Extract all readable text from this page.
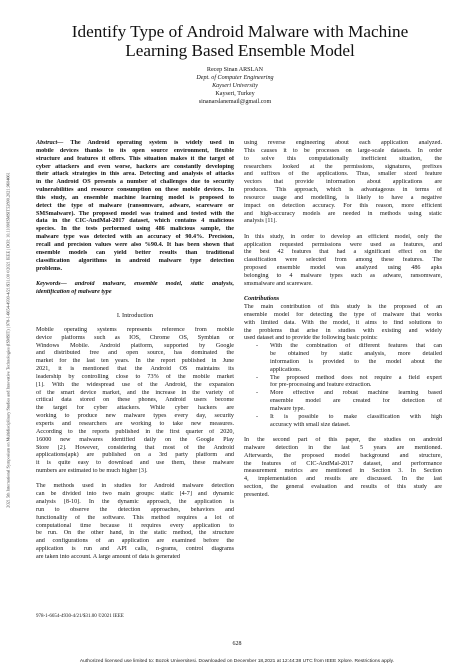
2021 5th International Symposium on Multidisciplinary Studies and Innovative Technologies (ISMSIT) | 978-1-6654-4930-4/21/$31.00 ©2021 IEEE | DOI: 10.1109/ISMSIT52890.2021.9604661
Identify Type of Android Malware with Machine
Learning Based Ensemble Model
Recep Sinan ARSLAN
Dept. of Computer Engineering
Kayseri University
Kayseri, Turkey
sinanarslanemail@gmail.com
Abstract— The Android operating system is widely used in
mobile devices thanks to its open source environment, flexible
structure and features it offers. This situation makes it the target of
cyber attackers and even worse, hackers are constantly developing
their attack strategies in this area. Detecting and analysis of attacks
in the Android OS presents a number of challenges due to security
vulnerabilities and resource consumption on these mobile devices. In
this study, an ensemble machine learning model is proposed to
detect the type of malware (ransomware, adware, scareware or
SMSmalware). The proposed model was trained and tested with the
data in the CIC-AndMal-2017 dataset, which contains 4 malicious
species. In the tests performed using 486 malicious sample, the
malware type was detected with an accuracy of 90.4%. Precision,
recall and precision values were also %90.4. It has been shown that
ensemble models can yield better results than traditional
classification algorithms in android malware type detection
problems.
Keywords— android malware, ensemble model, static analysis,
identification of malware type
I. Introduction
Mobile operating systems represents reference from mobile
device platforms such as IOS, Chrome OS, Symbian or
Windows Mobile. Android platform, supported by Google
and distributed free and open source, has dominated the
market for the last ten years. In the report published in June
2021, it is mentioned that the Android OS maintains its
leadership by controlling close to 73% of the mobile market
[1]. With the widespread use of the Android, the expansion
of the smart device market, and the increase in the variety of
critical data stored on these phones, Android users become
the target for cyber attackers. While cyber hackers are
working to produce new malware types every day, security
experts and researchers are working to take new measures.
According to the reports published in the first quarter of 2020,
16000 new malwares identified daily on the Google Play
Store [2]. However, considering that most of the Android
applications(apk) are published on a 3rd party platform and
it is quite easy to download and use them, these malware
numbers are estimated to be much higher [3].
The methods used in studies for Android malware detection
can be divided into two main groups: static [4-7] and dynamic
analysis [8-10]. In the dynamic approach, the application is
run to observe the detection approaches, behaviors and
functionality of the software. This method requires a lot of
computational time because it requires every application to
be run. On the other hand, in the static method, the structure
and configurations of an application are examined before the
application is run and API calls, n-grams, control diagrams
are taken into account. A large amount of data is generated
using reverse engineering about each application analyzed.
This causes it to be processes on large-scale datasets. In order
to solve this computationally inefficient situation, the
researchers looked at the permissions, signatures, prefixes
and suffixes of the applications. Thus, smaller sized feature
vectors that provide information about applications are
produces. This approach, which is advantageous in terms of
resource usage and modelling, is likely to have a negative
impact on detection accuracy. For this reason, more efficient
and high-accuracy models are needed in methods using static
analysis [11].
In this study, in order to develop an efficient model, only the
application requested permissions were used as features, and
the best 42 features that had a significant effect on the
classification were selected from among these features. The
proposed ensemble model was analyzed using 486 apks
belonging to 4 malware types such as adware, ransomware,
smsmalware and scareware.
Contributions
The main contribution of this study is the proposed of an
ensemble model for detecting the type of malware that works
with limited data. With the model, it aims to find solutions to
the problems that arise in studies with existing and widely
used dataset and to provide the following basic points:
-	With the combination of different features that can
be obtained by static analysis, more detailed
information is provided to the model about the
applications.
-	The proposed method does not require a field expert
for pre-processing and feature extraction.
-	More effective and robust machine learning based
ensemble model are created for detection of
malware type.
-	It is possible to make classification with high
accuracy with small size dataset.
In the second part of this paper, the studies on android
malware detection in the last 5 years are mentioned.
Afterwards, the proposed model background and structure,
the features of CIC-AndMal-2017 dataset, and performance
measurement metrics are mentioned in Section 3. In Section
4, implementation and results are discussed. In the last
section, the general evaluation and results of this study are
presented.
978-1-6654-4930-4/21/$31.00 ©2021 IEEE
628
Authorized licensed use limited to: Bozok Universitesi. Downloaded on December 18,2021 at 12:44:38 UTC from IEEE Xplore. Restrictions apply.
